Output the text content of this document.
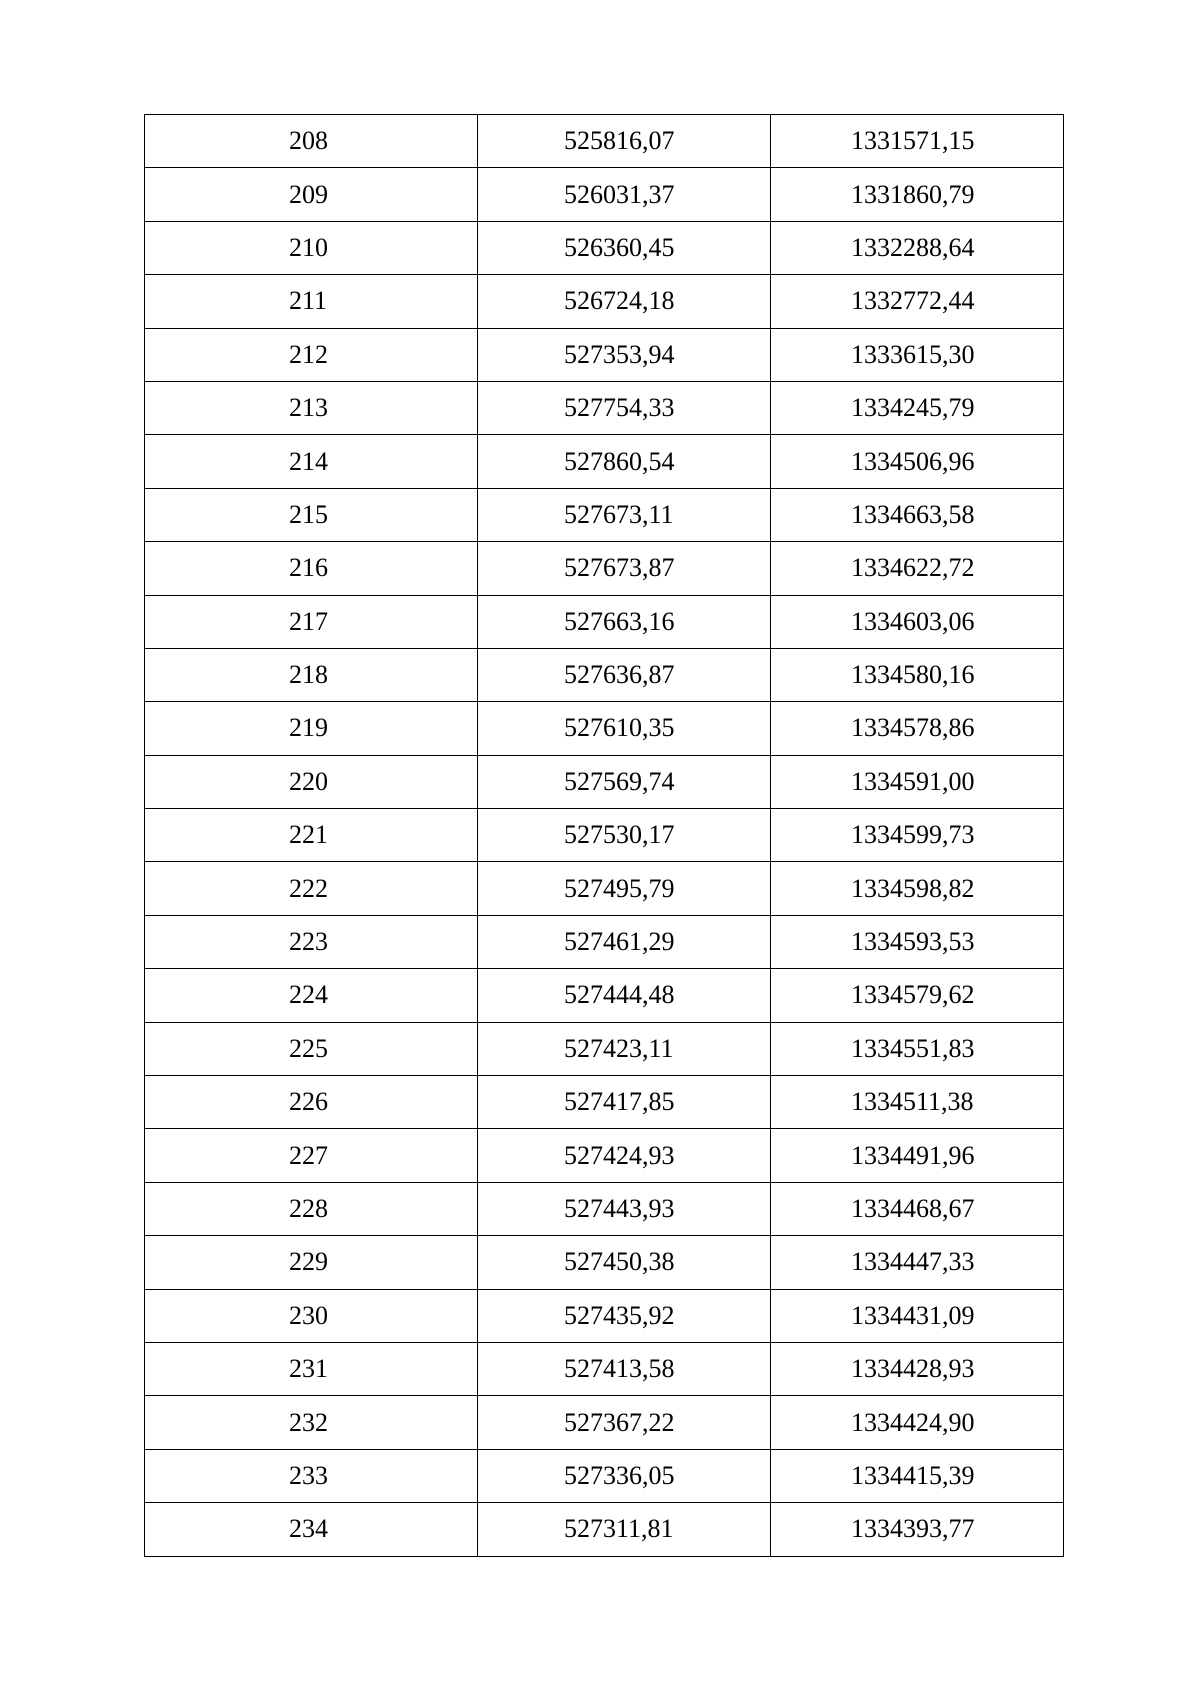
208	525816,07	1331571,15
209	526031,37	1331860,79
210	526360,45	1332288,64
211	526724,18	1332772,44
212	527353,94	1333615,30
213	527754,33	1334245,79
214	527860,54	1334506,96
215	527673,11	1334663,58
216	527673,87	1334622,72
217	527663,16	1334603,06
218	527636,87	1334580,16
219	527610,35	1334578,86
220	527569,74	1334591,00
221	527530,17	1334599,73
222	527495,79	1334598,82
223	527461,29	1334593,53
224	527444,48	1334579,62
225	527423,11	1334551,83
226	527417,85	1334511,38
227	527424,93	1334491,96
228	527443,93	1334468,67
229	527450,38	1334447,33
230	527435,92	1334431,09
231	527413,58	1334428,93
232	527367,22	1334424,90
233	527336,05	1334415,39
234	527311,81	1334393,77
